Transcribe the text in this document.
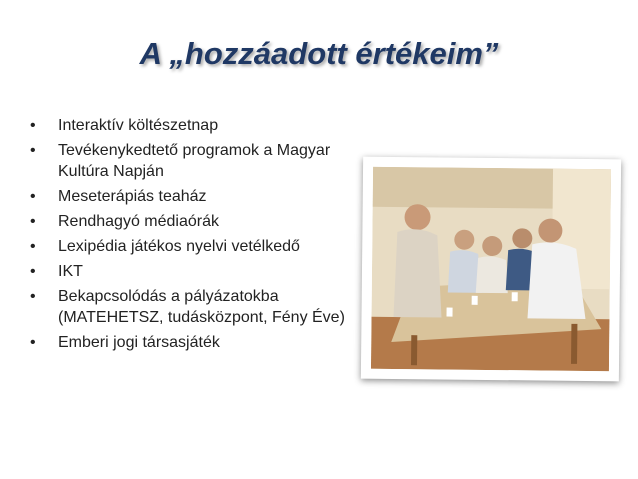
A „hozzáadott értékeim”
• Interaktív költészetnap
• Tevékenykedtető programok a Magyar Kultúra Napján
• Meseterápiás teaház
• Rendhagyó médiaórák
• Lexipédia játékos nyelvi vetélkedő
• IKT
• Bekapcsolódás a pályázatokba (MATEHETSZ, tudásközpont, Fény Éve)
• Emberi jogi társasjáték
